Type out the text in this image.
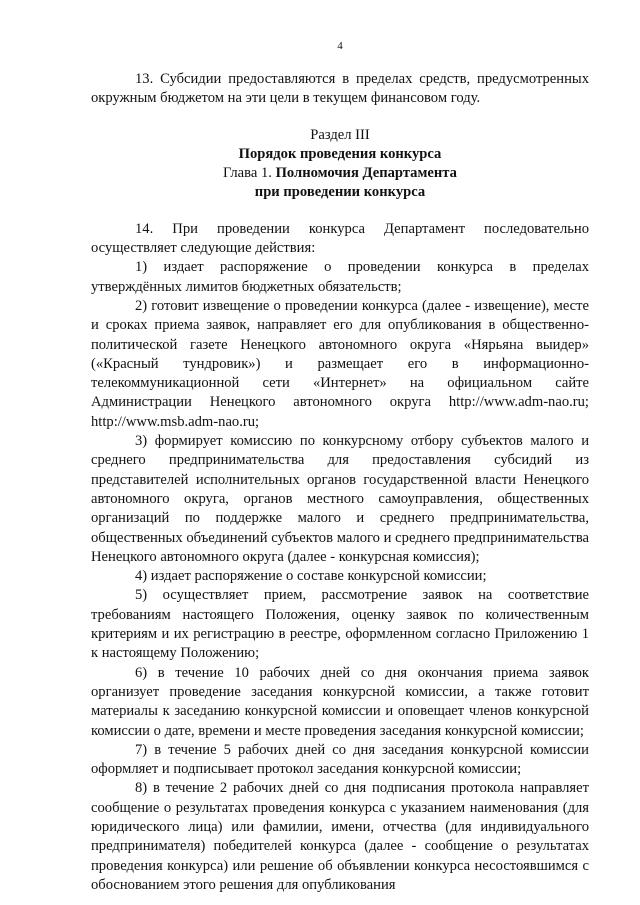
4

13. Субсидии предоставляются в пределах средств, предусмотренных окружным бюджетом на эти цели в текущем финансовом году.

Раздел III
Порядок проведения конкурса
Глава 1. Полномочия Департамента
при проведении конкурса

14. При проведении конкурса Департамент последовательно осуществляет следующие действия:

1) издает распоряжение о проведении конкурса в пределах утверждённых лимитов бюджетных обязательств;

2) готовит извещение о проведении конкурса (далее - извещение), месте и сроках приема заявок, направляет его для опубликования в общественно-политической газете Ненецкого автономного округа «Нярьяна выидер» («Красный тундровик») и размещает его в информационно-телекоммуникационной сети «Интернет» на официальном сайте Администрации Ненецкого автономного округа http://www.adm-nao.ru; http://www.msb.adm-nao.ru;

3) формирует комиссию по конкурсному отбору субъектов малого и среднего предпринимательства для предоставления субсидий из представителей исполнительных органов государственной власти Ненецкого автономного округа, органов местного самоуправления, общественных организаций по поддержке малого и среднего предпринимательства, общественных объединений субъектов малого и среднего предпринимательства Ненецкого автономного округа (далее - конкурсная комиссия);

4) издает распоряжение о составе конкурсной комиссии;

5) осуществляет прием, рассмотрение заявок на соответствие требованиям настоящего Положения, оценку заявок по количественным критериям и их регистрацию в реестре, оформленном согласно Приложению 1 к настоящему Положению;

6) в течение 10 рабочих дней со дня окончания приема заявок организует проведение заседания конкурсной комиссии, а также готовит материалы к заседанию конкурсной комиссии и оповещает членов конкурсной комиссии о дате, времени и месте проведения заседания конкурсной комиссии;

7) в течение 5 рабочих дней со дня заседания конкурсной комиссии оформляет и подписывает протокол заседания конкурсной комиссии;

8) в течение 2 рабочих дней со дня подписания протокола направляет сообщение о результатах проведения конкурса с указанием наименования (для юридического лица) или фамилии, имени, отчества (для индивидуального предпринимателя) победителей конкурса (далее - сообщение о результатах проведения конкурса) или решение об объявлении конкурса несостоявшимся с обоснованием этого решения для опубликования
